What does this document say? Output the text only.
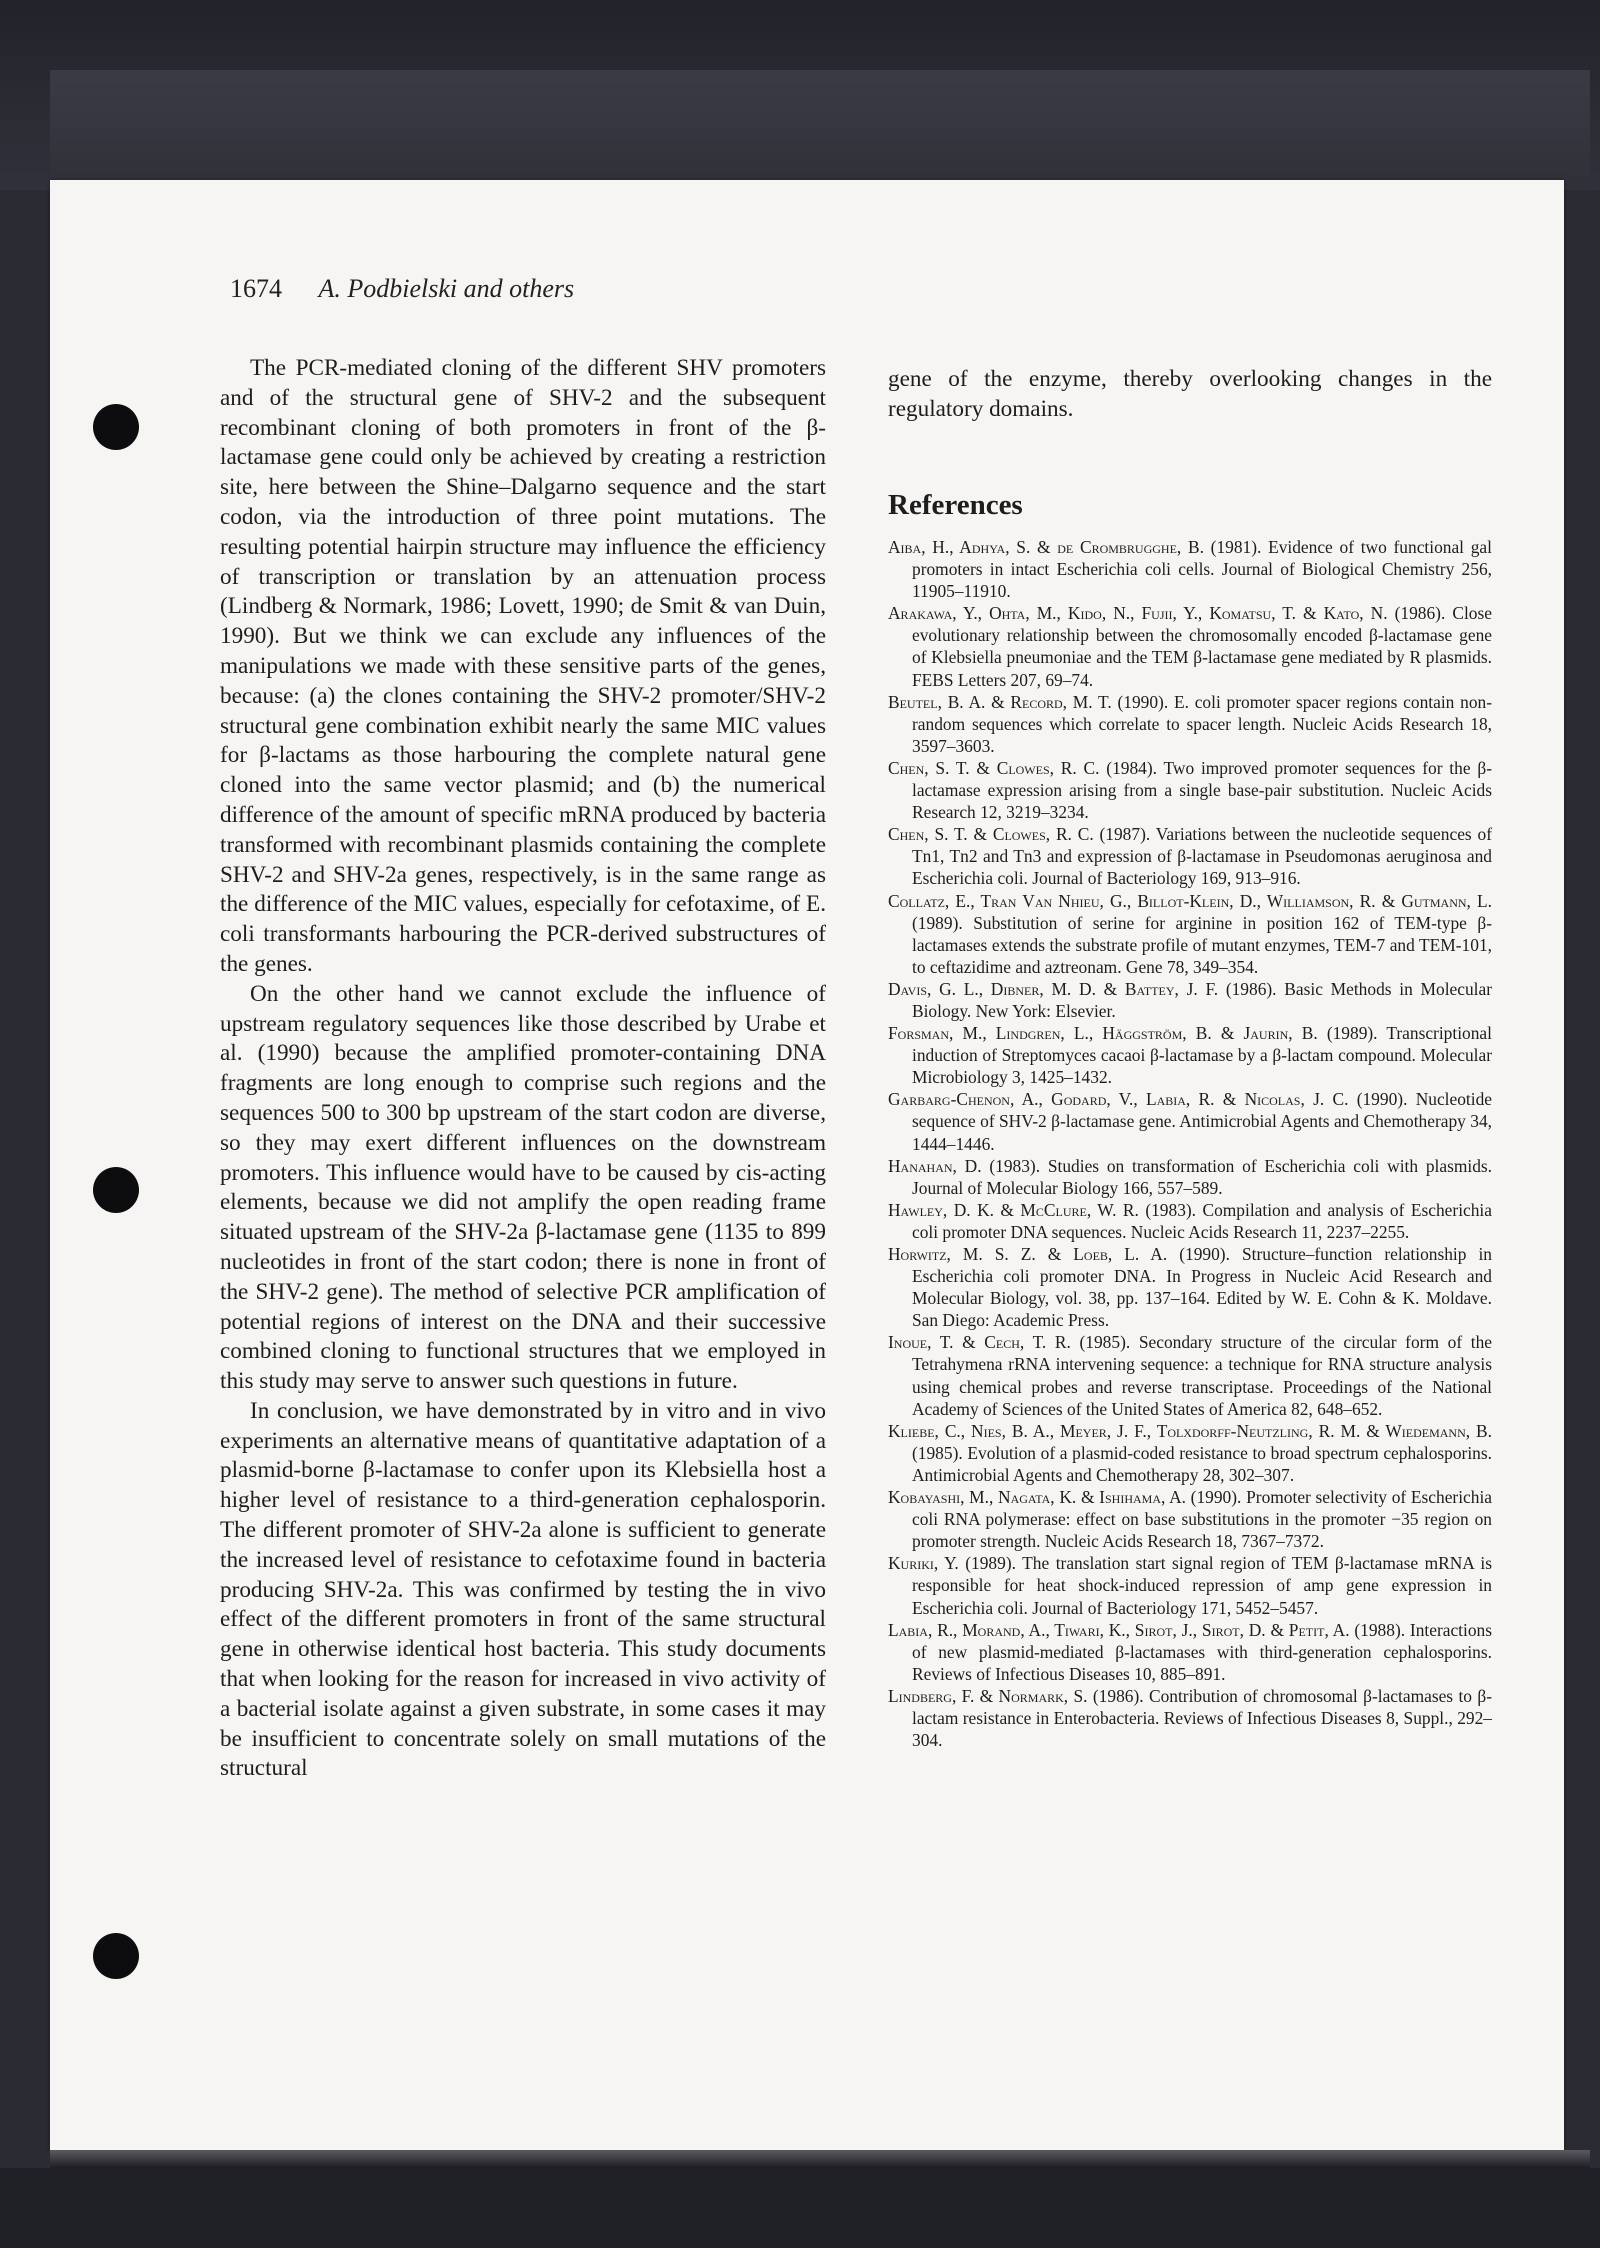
1674 A. Podbielski and others

The PCR-mediated cloning of the different SHV promoters and of the structural gene of SHV-2 and the subsequent recombinant cloning of both promoters in front of the β-lactamase gene could only be achieved by creating a restriction site, here between the Shine–Dalgarno sequence and the start codon, via the introduction of three point mutations. The resulting potential hairpin structure may influence the efficiency of transcription or translation by an attenuation process (Lindberg & Normark, 1986; Lovett, 1990; de Smit & van Duin, 1990). But we think we can exclude any influences of the manipulations we made with these sensitive parts of the genes, because: (a) the clones containing the SHV-2 promoter/SHV-2 structural gene combination exhibit nearly the same MIC values for β-lactams as those harbouring the complete natural gene cloned into the same vector plasmid; and (b) the numerical difference of the amount of specific mRNA produced by bacteria transformed with recombinant plasmids containing the complete SHV-2 and SHV-2a genes, respectively, is in the same range as the difference of the MIC values, especially for cefotaxime, of E. coli transformants harbouring the PCR-derived substructures of the genes.

On the other hand we cannot exclude the influence of upstream regulatory sequences like those described by Urabe et al. (1990) because the amplified promoter-containing DNA fragments are long enough to comprise such regions and the sequences 500 to 300 bp upstream of the start codon are diverse, so they may exert different influences on the downstream promoters. This influence would have to be caused by cis-acting elements, because we did not amplify the open reading frame situated upstream of the SHV-2a β-lactamase gene (1135 to 899 nucleotides in front of the start codon; there is none in front of the SHV-2 gene). The method of selective PCR amplification of potential regions of interest on the DNA and their successive combined cloning to functional structures that we employed in this study may serve to answer such questions in future.

In conclusion, we have demonstrated by in vitro and in vivo experiments an alternative means of quantitative adaptation of a plasmid-borne β-lactamase to confer upon its Klebsiella host a higher level of resistance to a third-generation cephalosporin. The different promoter of SHV-2a alone is sufficient to generate the increased level of resistance to cefotaxime found in bacteria producing SHV-2a. This was confirmed by testing the in vivo effect of the different promoters in front of the same structural gene in otherwise identical host bacteria. This study documents that when looking for the reason for increased in vivo activity of a bacterial isolate against a given substrate, in some cases it may be insufficient to concentrate solely on small mutations of the structural

gene of the enzyme, thereby overlooking changes in the regulatory domains.

References

Aiba, H., Adhya, S. & de Crombrugghe, B. (1981). Evidence of two functional gal promoters in intact Escherichia coli cells. Journal of Biological Chemistry 256, 11905–11910.

Arakawa, Y., Ohta, M., Kido, N., Fujii, Y., Komatsu, T. & Kato, N. (1986). Close evolutionary relationship between the chromosomally encoded β-lactamase gene of Klebsiella pneumoniae and the TEM β-lactamase gene mediated by R plasmids. FEBS Letters 207, 69–74.

Beutel, B. A. & Record, M. T. (1990). E. coli promoter spacer regions contain non-random sequences which correlate to spacer length. Nucleic Acids Research 18, 3597–3603.

Chen, S. T. & Clowes, R. C. (1984). Two improved promoter sequences for the β-lactamase expression arising from a single base-pair substitution. Nucleic Acids Research 12, 3219–3234.

Chen, S. T. & Clowes, R. C. (1987). Variations between the nucleotide sequences of Tn1, Tn2 and Tn3 and expression of β-lactamase in Pseudomonas aeruginosa and Escherichia coli. Journal of Bacteriology 169, 913–916.

Collatz, E., Tran Van Nhieu, G., Billot-Klein, D., Williamson, R. & Gutmann, L. (1989). Substitution of serine for arginine in position 162 of TEM-type β-lactamases extends the substrate profile of mutant enzymes, TEM-7 and TEM-101, to ceftazidime and aztreonam. Gene 78, 349–354.

Davis, G. L., Dibner, M. D. & Battey, J. F. (1986). Basic Methods in Molecular Biology. New York: Elsevier.

Forsman, M., Lindgren, L., Häggström, B. & Jaurin, B. (1989). Transcriptional induction of Streptomyces cacaoi β-lactamase by a β-lactam compound. Molecular Microbiology 3, 1425–1432.

Garbarg-Chenon, A., Godard, V., Labia, R. & Nicolas, J. C. (1990). Nucleotide sequence of SHV-2 β-lactamase gene. Antimicrobial Agents and Chemotherapy 34, 1444–1446.

Hanahan, D. (1983). Studies on transformation of Escherichia coli with plasmids. Journal of Molecular Biology 166, 557–589.

Hawley, D. K. & McClure, W. R. (1983). Compilation and analysis of Escherichia coli promoter DNA sequences. Nucleic Acids Research 11, 2237–2255.

Horwitz, M. S. Z. & Loeb, L. A. (1990). Structure–function relationship in Escherichia coli promoter DNA. In Progress in Nucleic Acid Research and Molecular Biology, vol. 38, pp. 137–164. Edited by W. E. Cohn & K. Moldave. San Diego: Academic Press.

Inoue, T. & Cech, T. R. (1985). Secondary structure of the circular form of the Tetrahymena rRNA intervening sequence: a technique for RNA structure analysis using chemical probes and reverse transcriptase. Proceedings of the National Academy of Sciences of the United States of America 82, 648–652.

Kliebe, C., Nies, B. A., Meyer, J. F., Tolxdorff-Neutzling, R. M. & Wiedemann, B. (1985). Evolution of a plasmid-coded resistance to broad spectrum cephalosporins. Antimicrobial Agents and Chemotherapy 28, 302–307.

Kobayashi, M., Nagata, K. & Ishihama, A. (1990). Promoter selectivity of Escherichia coli RNA polymerase: effect on base substitutions in the promoter −35 region on promoter strength. Nucleic Acids Research 18, 7367–7372.

Kuriki, Y. (1989). The translation start signal region of TEM β-lactamase mRNA is responsible for heat shock-induced repression of amp gene expression in Escherichia coli. Journal of Bacteriology 171, 5452–5457.

Labia, R., Morand, A., Tiwari, K., Sirot, J., Sirot, D. & Petit, A. (1988). Interactions of new plasmid-mediated β-lactamases with third-generation cephalosporins. Reviews of Infectious Diseases 10, 885–891.

Lindberg, F. & Normark, S. (1986). Contribution of chromosomal β-lactamases to β-lactam resistance in Enterobacteria. Reviews of Infectious Diseases 8, Suppl., 292–304.
